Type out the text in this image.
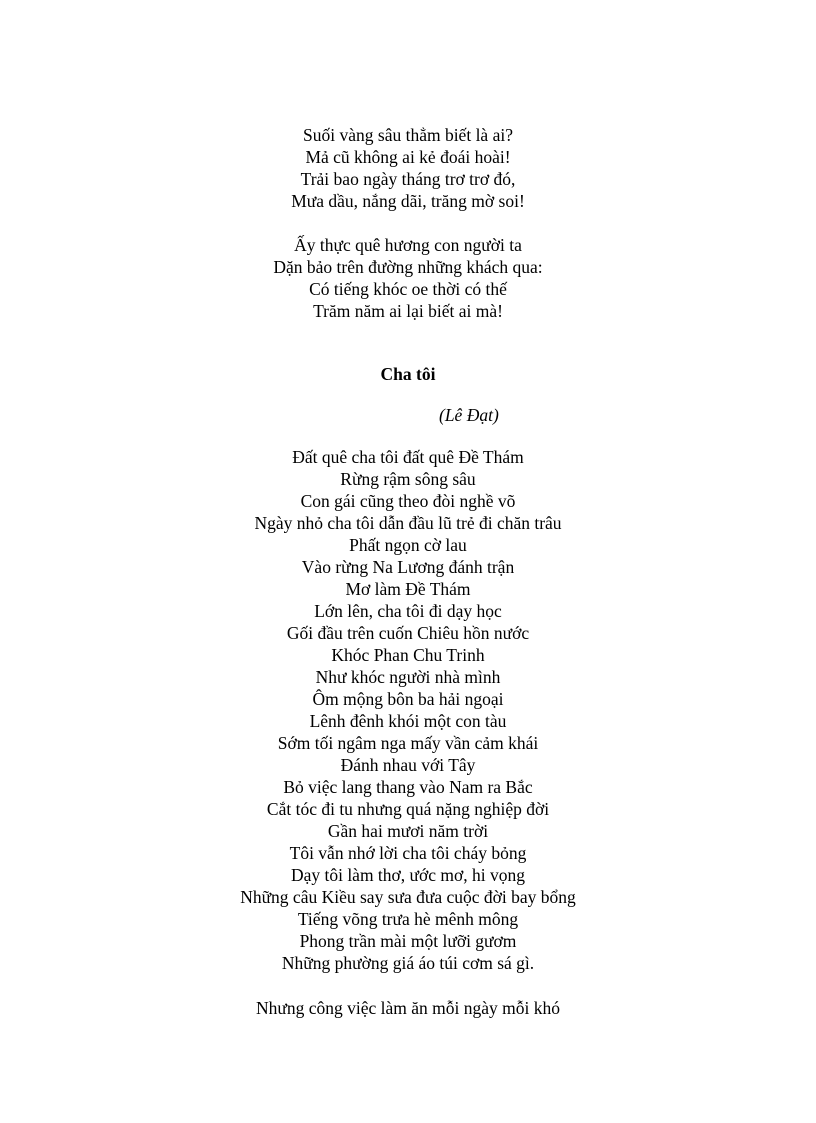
Suối vàng sâu thẳm biết là ai?
Mả cũ không ai kẻ đoái hoài!
Trải bao ngày tháng trơ trơ đó,
Mưa dầu, nắng dãi, trăng mờ soi!
Ấy thực quê hương con người ta
Dặn bảo trên đường những khách qua:
Có tiếng khóc oe thời có thế
Trăm năm ai lại biết ai mà!
Cha tôi
(Lê Đạt)
Đất quê cha tôi đất quê Đề Thám
Rừng rậm sông sâu
Con gái cũng theo đòi nghề võ
Ngày nhỏ cha tôi dẫn đầu lũ trẻ đi chăn trâu
Phất ngọn cờ lau
Vào rừng Na Lương đánh trận
Mơ làm Đề Thám
Lớn lên, cha tôi đi dạy học
Gối đầu trên cuốn Chiêu hồn nước
Khóc Phan Chu Trinh
Như khóc người nhà mình
Ôm mộng bôn ba hải ngoại
Lênh đênh khói một con tàu
Sớm tối ngâm nga mấy vần cảm khái
Đánh nhau với Tây
Bỏ việc lang thang vào Nam ra Bắc
Cắt tóc đi tu nhưng quá nặng nghiệp đời
Gần hai mươi năm trời
Tôi vẫn nhớ lời cha tôi cháy bỏng
Dạy tôi làm thơ, ước mơ, hi vọng
Những câu Kiều say sưa đưa cuộc đời bay bổng
Tiếng võng trưa hè mênh mông
Phong trần mài một lưỡi gươm
Những phường giá áo túi cơm sá gì.
Nhưng công việc làm ăn mỗi ngày mỗi khó
